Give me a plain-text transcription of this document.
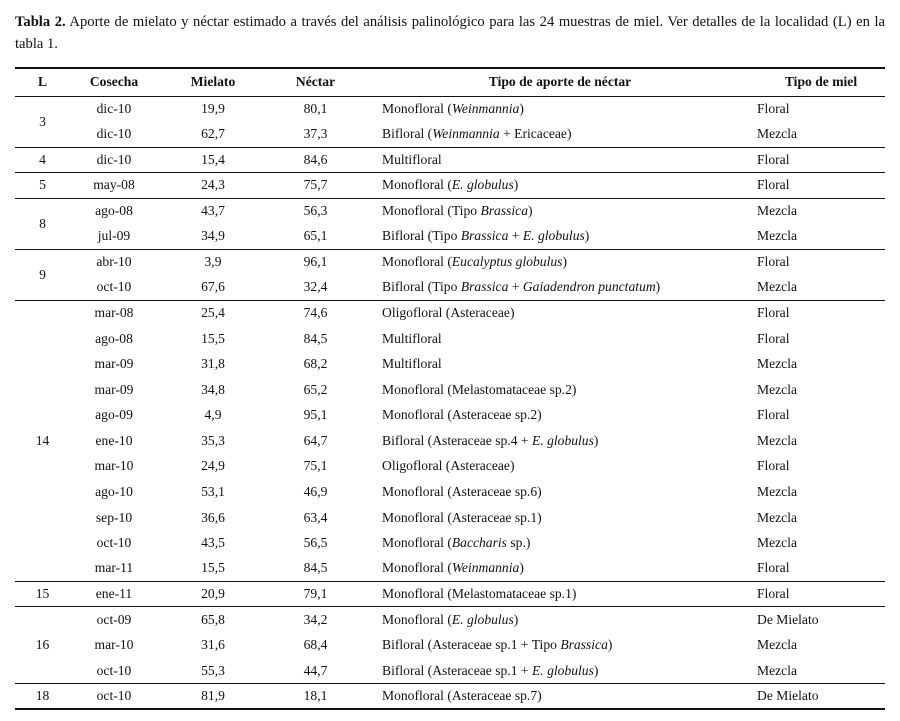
Tabla 2. Aporte de mielato y néctar estimado a través del análisis palinológico para las 24 muestras de miel. Ver detalles de la localidad (L) en la tabla 1.
L	Cosecha	Mielato	Néctar	Tipo de aporte de néctar	Tipo de miel
3	dic-10	19,9	80,1	Monofloral (Weinmannia)	Floral
	dic-10	62,7	37,3	Bifloral (Weinmannia + Ericaceae)	Mezcla
4	dic-10	15,4	84,6	Multifloral	Floral
5	may-08	24,3	75,7	Monofloral (E. globulus)	Floral
8	ago-08	43,7	56,3	Monofloral (Tipo Brassica)	Mezcla
	jul-09	34,9	65,1	Bifloral (Tipo Brassica + E. globulus)	Mezcla
9	abr-10	3,9	96,1	Monofloral (Eucalyptus globulus)	Floral
	oct-10	67,6	32,4	Bifloral (Tipo Brassica + Gaiadendron punctatum)	Mezcla
14	mar-08	25,4	74,6	Oligofloral (Asteraceae)	Floral
	ago-08	15,5	84,5	Multifloral	Floral
	mar-09	31,8	68,2	Multifloral	Mezcla
	mar-09	34,8	65,2	Monofloral (Melastomataceae sp.2)	Mezcla
	ago-09	4,9	95,1	Monofloral (Asteraceae sp.2)	Floral
	ene-10	35,3	64,7	Bifloral (Asteraceae sp.4 + E. globulus)	Mezcla
	mar-10	24,9	75,1	Oligofloral (Asteraceae)	Floral
	ago-10	53,1	46,9	Monofloral (Asteraceae sp.6)	Mezcla
	sep-10	36,6	63,4	Monofloral (Asteraceae sp.1)	Mezcla
	oct-10	43,5	56,5	Monofloral (Baccharis sp.)	Mezcla
	mar-11	15,5	84,5	Monofloral (Weinmannia)	Floral
15	ene-11	20,9	79,1	Monofloral (Melastomataceae sp.1)	Floral
16	oct-09	65,8	34,2	Monofloral (E. globulus)	De Mielato
	mar-10	31,6	68,4	Bifloral (Asteraceae sp.1 + Tipo Brassica)	Mezcla
	oct-10	55,3	44,7	Bifloral (Asteraceae sp.1 + E. globulus)	Mezcla
18	oct-10	81,9	18,1	Monofloral (Asteraceae sp.7)	De Mielato
